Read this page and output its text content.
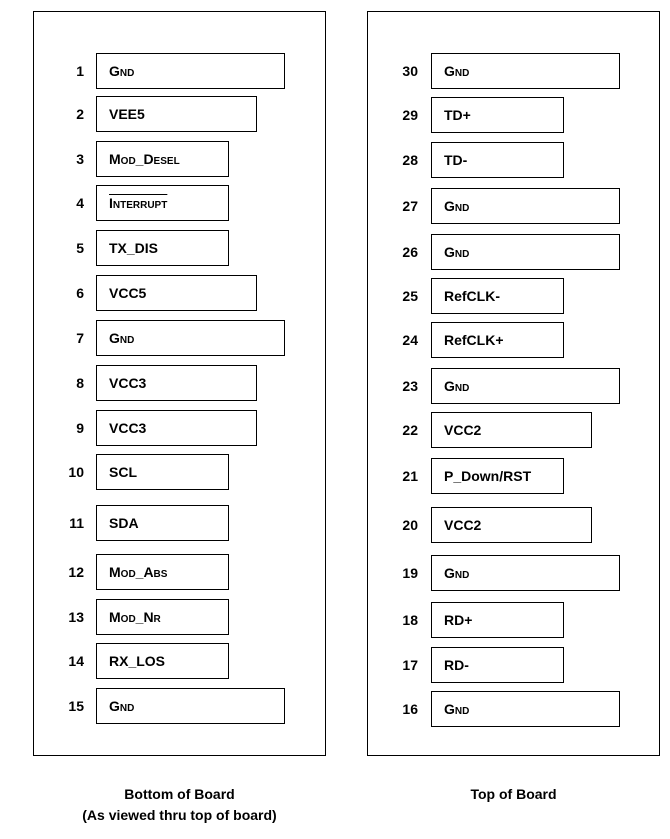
1	Gnd
2	VEE5
3	Mod_Desel
4	Interrupt
5	TX_DIS
6	VCC5
7	Gnd
8	VCC3
9	VCC3
10	SCL
11	SDA
12	Mod_Abs
13	Mod_Nr
14	RX_LOS
15	Gnd
30	Gnd
29	TD+
28	TD-
27	Gnd
26	Gnd
25	RefCLK-
24	RefCLK+
23	Gnd
22	VCC2
21	P_Down/RST
20	VCC2
19	Gnd
18	RD+
17	RD-
16	Gnd
Bottom of Board
(As viewed thru top of board)
Top of Board
